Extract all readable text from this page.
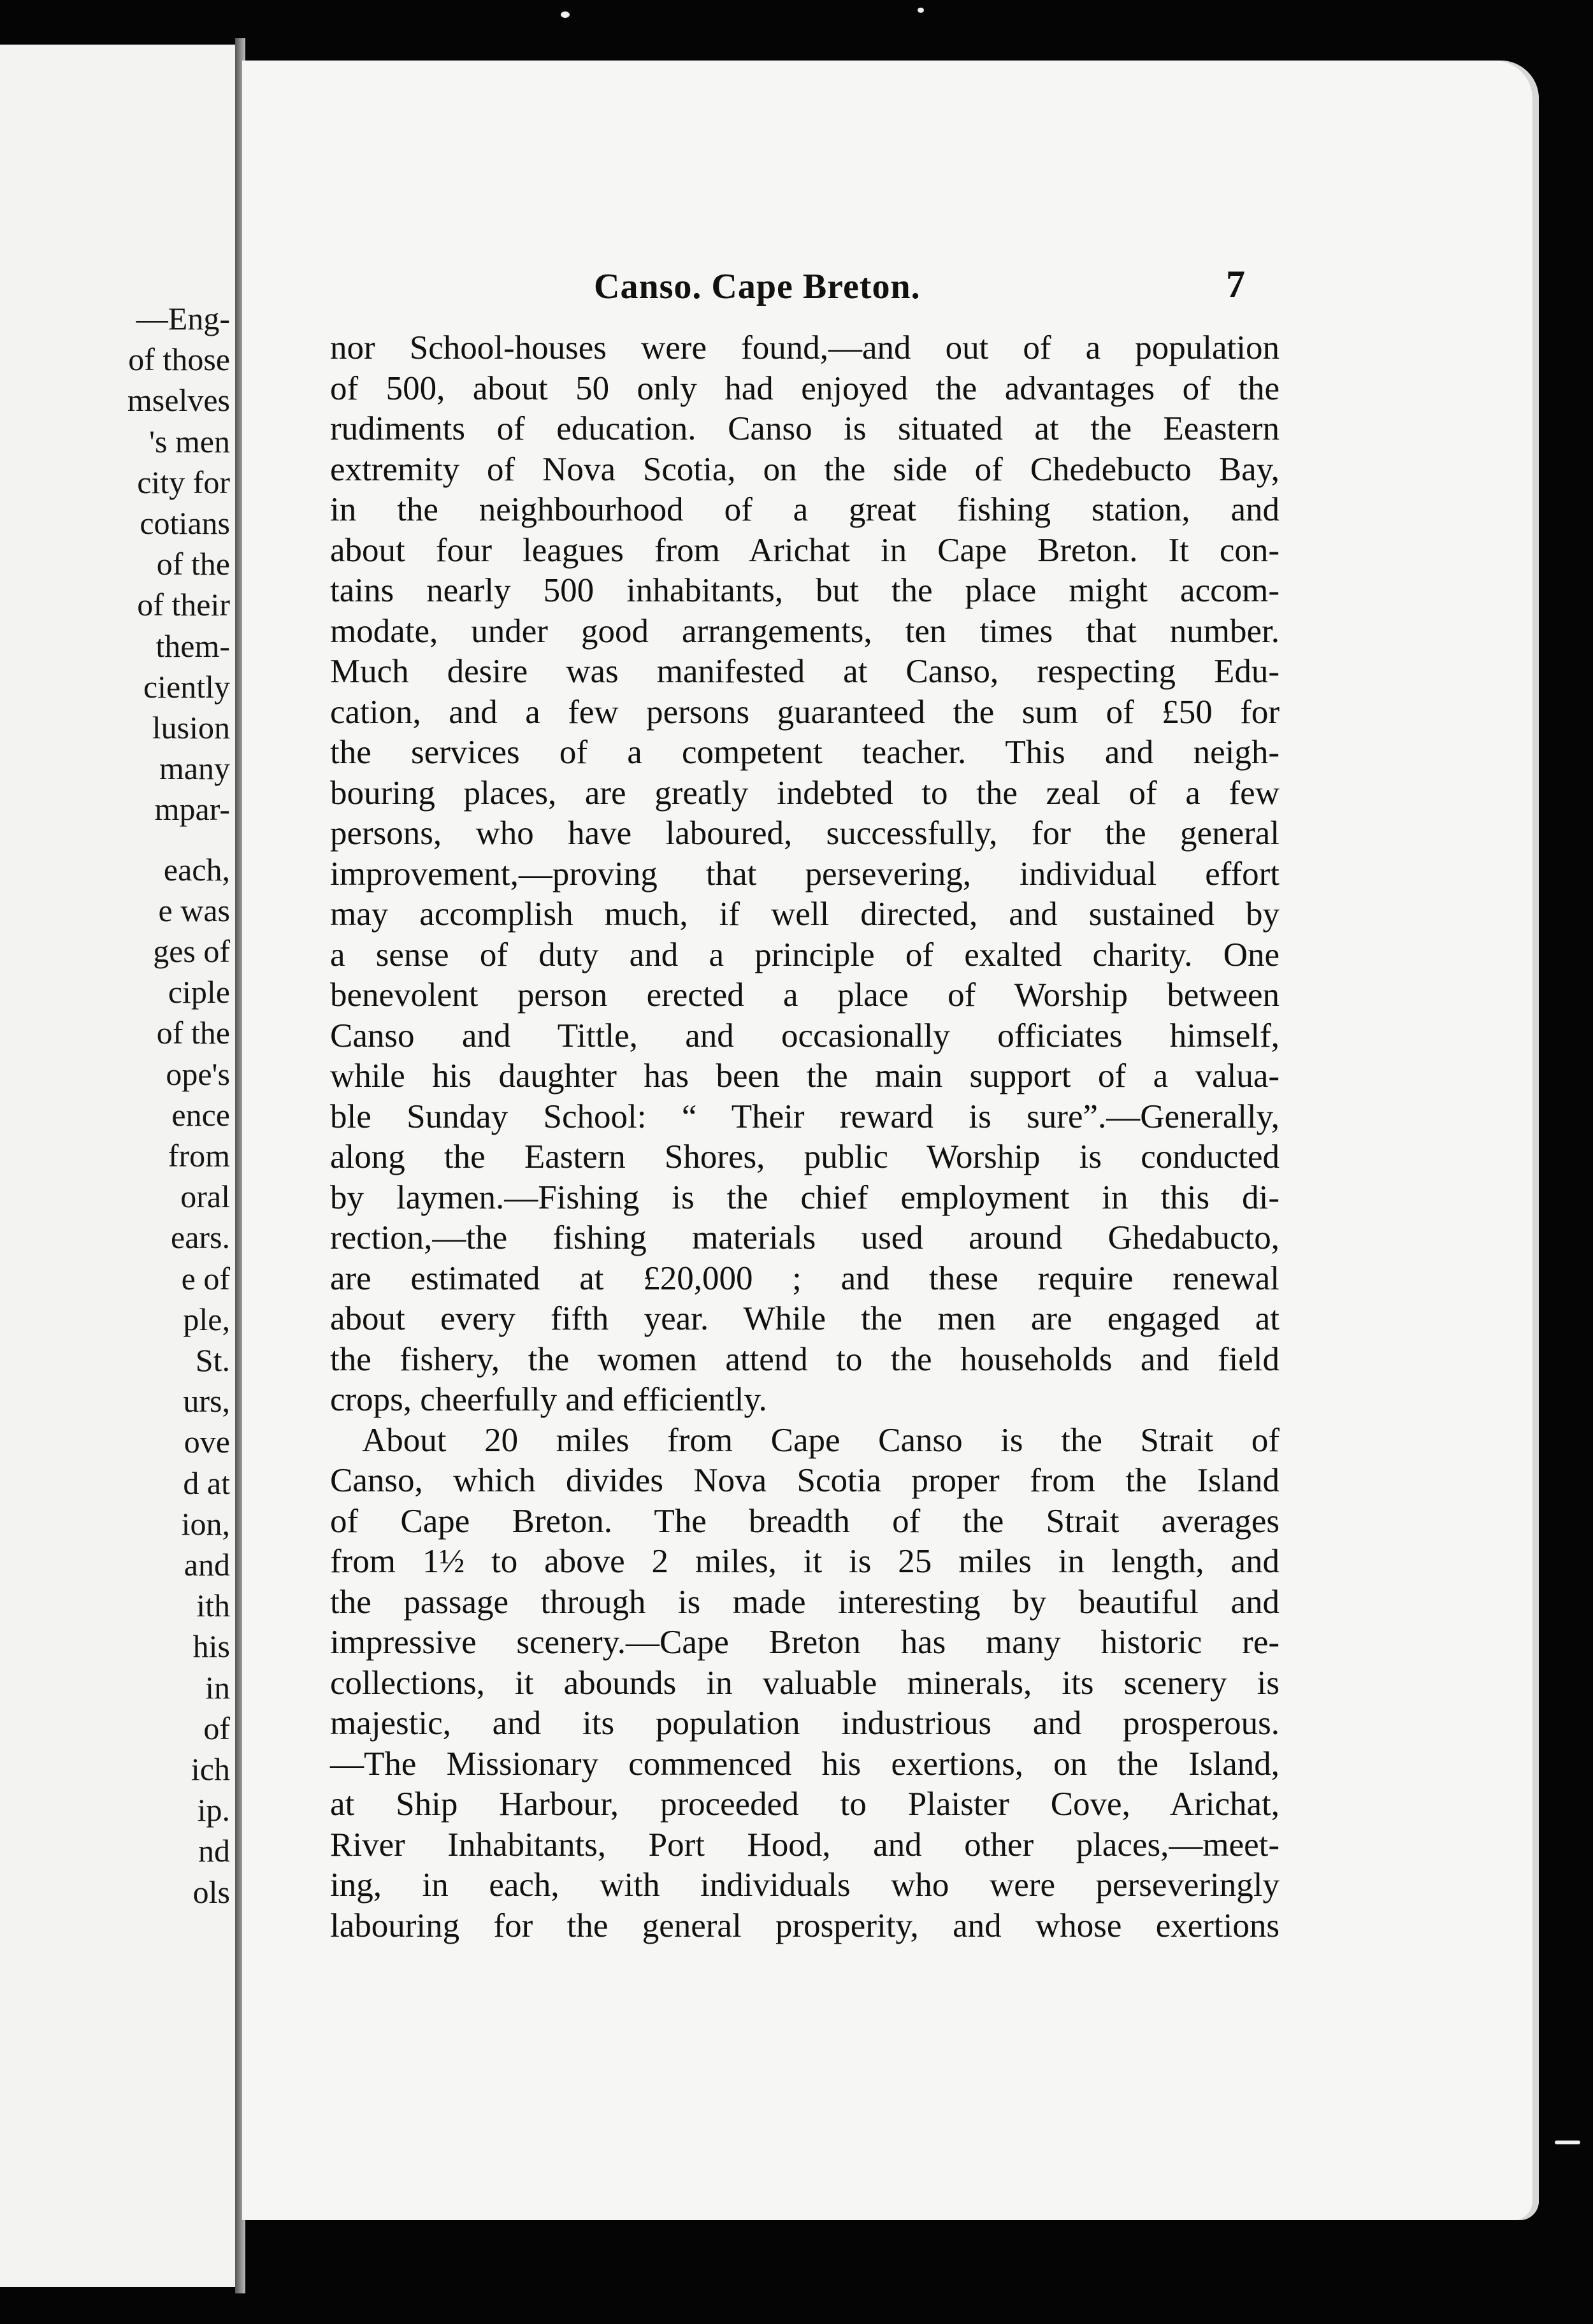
—Eng-
of those
mselves
's men
city for
cotians
of the
of their
them-
ciently
lusion
many
mpar-
each,
e was
ges of
ciple
of the
ope's
ence
from
oral
ears.
e of
ple,
St.
urs,
ove
d at
ion,
and
ith
his
in
of
ich
ip.
nd
ols
Canso. Cape Breton.	7
nor School-houses were found,—and out of a population
of 500, about 50 only had enjoyed the advantages of the
rudiments of education. Canso is situated at the Eeastern
extremity of Nova Scotia, on the side of Chedebucto Bay,
in the neighbourhood of a great fishing station, and
about four leagues from Arichat in Cape Breton. It con-
tains nearly 500 inhabitants, but the place might accom-
modate, under good arrangements, ten times that number.
Much desire was manifested at Canso, respecting Edu-
cation, and a few persons guaranteed the sum of £50 for
the services of a competent teacher. This and neigh-
bouring places, are greatly indebted to the zeal of a few
persons, who have laboured, successfully, for the general
improvement,—proving that persevering, individual effort
may accomplish much, if well directed, and sustained by
a sense of duty and a principle of exalted charity. One
benevolent person erected a place of Worship between
Canso and Tittle, and occasionally officiates himself,
while his daughter has been the main support of a valua-
ble Sunday School: “ Their reward is sure”.—Generally,
along the Eastern Shores, public Worship is conducted
by laymen.—Fishing is the chief employment in this di-
rection,—the fishing materials used around Ghedabucto,
are estimated at £20,000 ; and these require renewal
about every fifth year. While the men are engaged at
the fishery, the women attend to the households and field
crops, cheerfully and efficiently.
About 20 miles from Cape Canso is the Strait of
Canso, which divides Nova Scotia proper from the Island
of Cape Breton. The breadth of the Strait averages
from 1½ to above 2 miles, it is 25 miles in length, and
the passage through is made interesting by beautiful and
impressive scenery.—Cape Breton has many historic re-
collections, it abounds in valuable minerals, its scenery is
majestic, and its population industrious and prosperous.
—The Missionary commenced his exertions, on the Island,
at Ship Harbour, proceeded to Plaister Cove, Arichat,
River Inhabitants, Port Hood, and other places,—meet-
ing, in each, with individuals who were perseveringly
labouring for the general prosperity, and whose exertions
